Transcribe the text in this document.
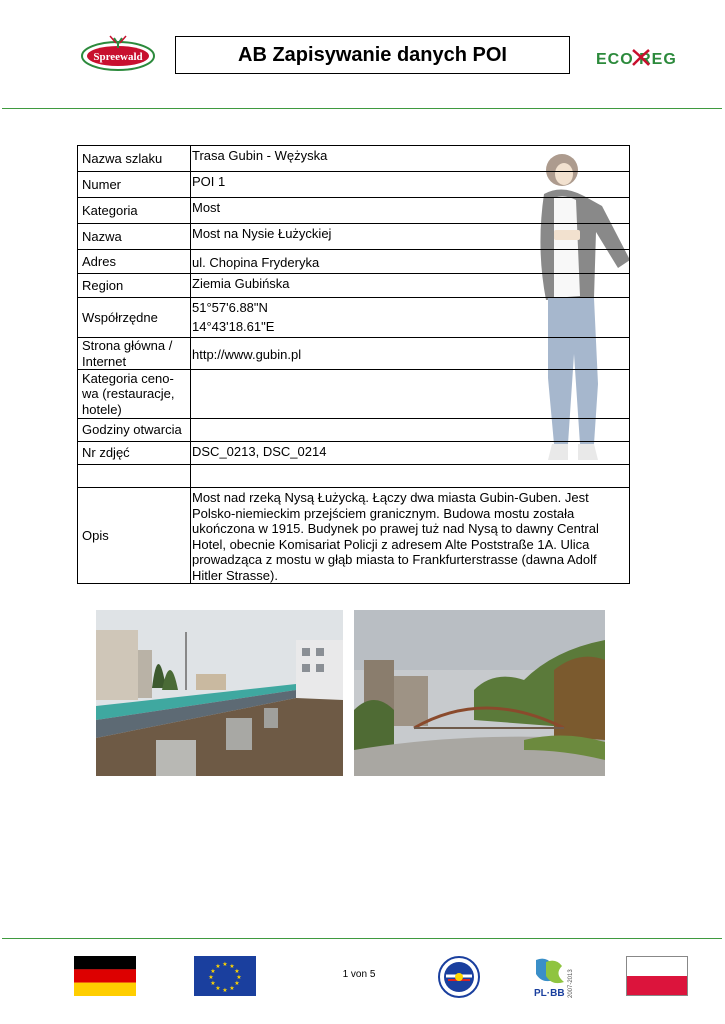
Spreewald	AB Zapisywanie danych POI	ECO REG
Nazwa szlaku	Trasa Gubin - Wężyska
Numer	POI 1
Kategoria	Most
Nazwa	Most na Nysie Łużyckiej
Adres	ul. Chopina Fryderyka
Region	Ziemia Gubińska
Współrzędne	51°57'6.88"N
14°43'18.61"E

Strona główna / Internet	http://www.gubin.pl
Kategoria ceno-wa (restauracje, hotele)	
Godziny otwarcia	
Nr zdjęć	DSC_0213, DSC_0214

Opis	Most nad rzeką Nysą Łużycką. Łączy dwa miasta Gubin-Guben. Jest Polsko-niemieckim przejściem granicznym. Budowa mostu została ukończona w 1915. Budynek po prawej tuż nad Nysą to dawny Central Hotel, obecnie Komisariat Policji z adresem Alte Poststraße 1A. Ulica prowadząca z mostu w głąb miasta to Frankfurterstrasse (dawna Adolf Hitler Strasse).
★ ★
★
★
★
★
★
★
★
★
★
★
1 von 5
PL·BB 2007-2013
